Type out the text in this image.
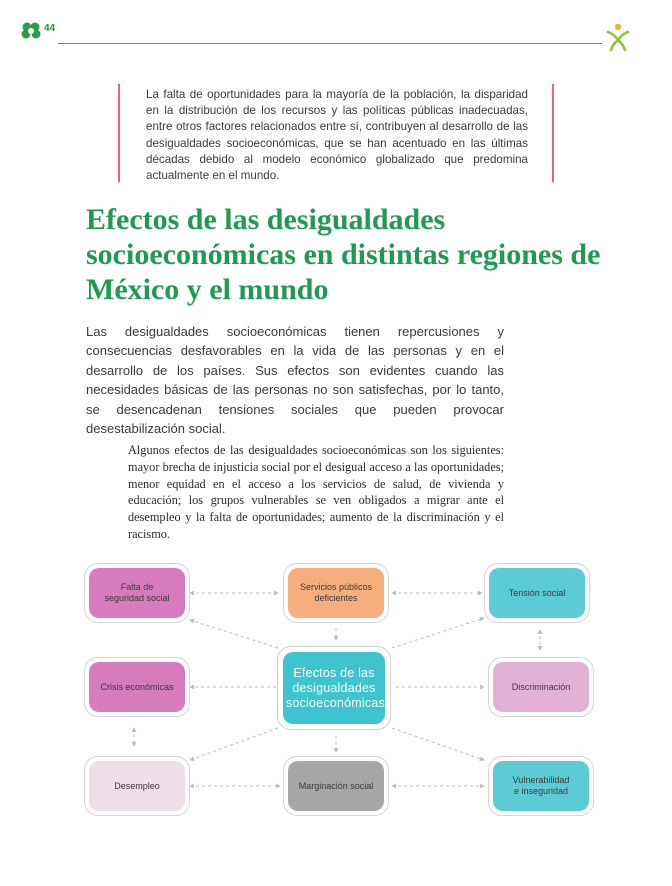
44
La falta de oportunidades para la mayoría de la población, la disparidad en la distribución de los recursos y las políticas públicas inadecuadas, entre otros factores relacionados entre sí, contribuyen al desarrollo de las desigualdades socioeconómicas, que se han acentuado en las últimas décadas debido al modelo económico globalizado que predomina actualmente en el mundo.
Efectos de las desigualdades socioeconómicas en distintas regiones de México y el mundo
Las desigualdades socioeconómicas tienen repercusiones y consecuencias desfavorables en la vida de las personas y en el desarrollo de los países. Sus efectos son evidentes cuando las necesidades básicas de las personas no son satisfechas, por lo tanto, se desencadenan tensiones sociales que pueden provocar desestabilización social.
Algunos efectos de las desigualdades socioeconómicas son los siguientes: mayor brecha de injusticia social por el desigual acceso a las oportunidades; menor equidad en el acceso a los servicios de salud, de vivienda y educación; los grupos vulnerables se ven obligados a migrar ante el desempleo y la falta de oportunidades; aumento de la discriminación y el racismo.
Falta de seguridad social
Servicios públicos deficientes
Tensión social
Crisis económicas
Efectos de las desigualdades socioeconómicas
Discriminación
Desempleo	Marginación social
Vulnerabilidad e inseguridad
